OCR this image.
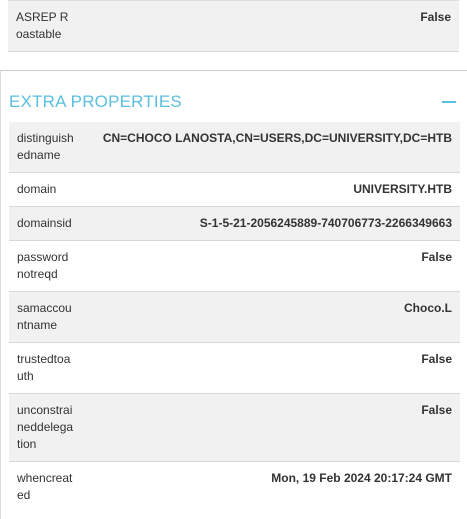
ASREP Roastable
False
EXTRA PROPERTIES
distinguishedname
CN=CHOCO LANOSTA,CN=USERS,DC=UNIVERSITY,DC=HTB
domain	UNIVERSITY.HTB
domainsid	S-1-5-21-2056245889-740706773-2266349663
passwordnotreqd
False
samaccountname
Choco.L
trustedtoauth
False
unconstraineddelegation
False
whencreated
Mon, 19 Feb 2024 20:17:24 GMT
